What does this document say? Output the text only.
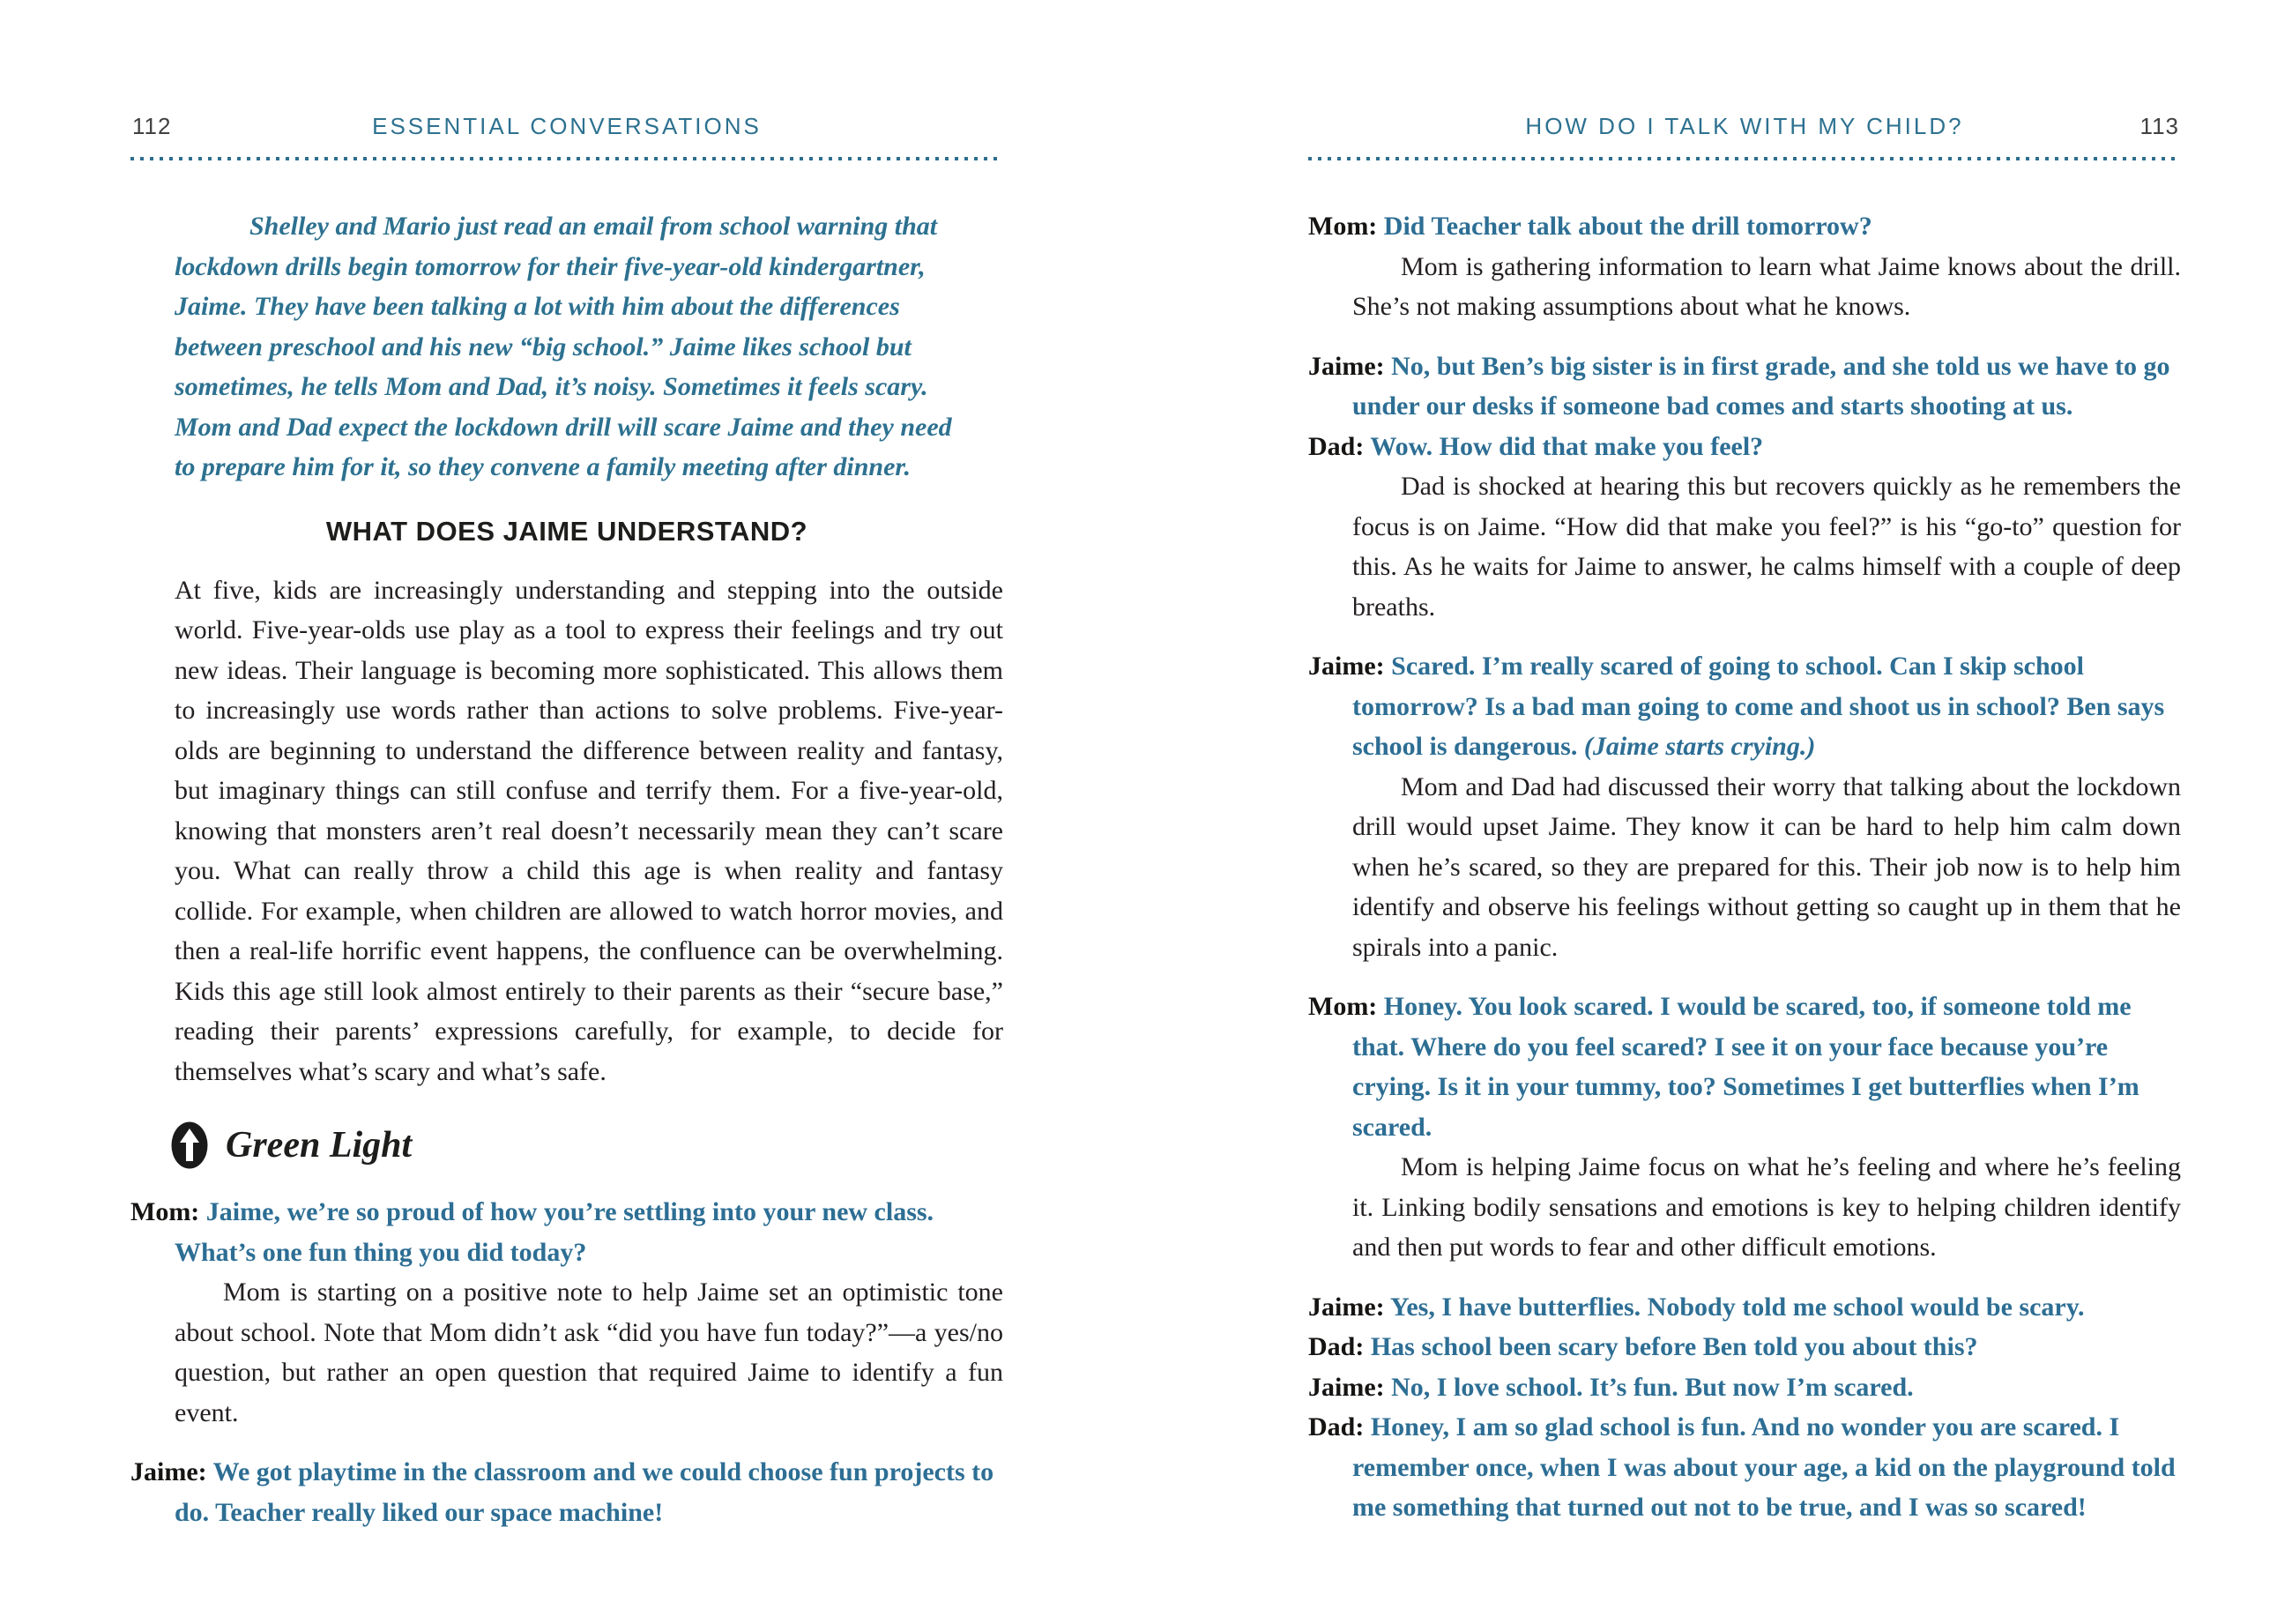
112	ESSENTIAL CONVERSATIONS
Shelley and Mario just read an email from school warning that lockdown drills begin tomorrow for their five-year-old kindergartner, Jaime. They have been talking a lot with him about the differences between preschool and his new “big school.” Jaime likes school but sometimes, he tells Mom and Dad, it’s noisy. Sometimes it feels scary. Mom and Dad expect the lockdown drill will scare Jaime and they need to prepare him for it, so they convene a family meeting after dinner.
WHAT DOES JAIME UNDERSTAND?
At five, kids are increasingly understanding and stepping into the outside world. Five-year-olds use play as a tool to express their feelings and try out new ideas. Their language is becoming more sophisticated. This allows them to increasingly use words rather than actions to solve problems. Five-year-olds are beginning to understand the difference between reality and fantasy, but imaginary things can still confuse and terrify them. For a five-year-old, knowing that monsters aren’t real doesn’t necessarily mean they can’t scare you. What can really throw a child this age is when reality and fantasy collide. For example, when children are allowed to watch horror movies, and then a real-life horrific event happens, the confluence can be overwhelming. Kids this age still look almost entirely to their parents as their “secure base,” reading their parents’ expressions carefully, for example, to decide for themselves what’s scary and what’s safe.
Green Light
Mom: Jaime, we’re so proud of how you’re settling into your new class. What’s one fun thing you did today?
Mom is starting on a positive note to help Jaime set an optimistic tone about school. Note that Mom didn’t ask “did you have fun today?”—a yes/no question, but rather an open question that required Jaime to identify a fun event.
Jaime: We got playtime in the classroom and we could choose fun projects to do. Teacher really liked our space machine!
113
HOW DO I TALK WITH MY CHILD?
Mom: Did Teacher talk about the drill tomorrow?
Mom is gathering information to learn what Jaime knows about the drill. She’s not making assumptions about what he knows.
Jaime: No, but Ben’s big sister is in first grade, and she told us we have to go under our desks if someone bad comes and starts shooting at us.
Dad: Wow. How did that make you feel?
Dad is shocked at hearing this but recovers quickly as he remembers the focus is on Jaime. “How did that make you feel?” is his “go-to” question for this. As he waits for Jaime to answer, he calms himself with a couple of deep breaths.
Jaime: Scared. I’m really scared of going to school. Can I skip school tomorrow? Is a bad man going to come and shoot us in school? Ben says school is dangerous. (Jaime starts crying.)
Mom and Dad had discussed their worry that talking about the lockdown drill would upset Jaime. They know it can be hard to help him calm down when he’s scared, so they are prepared for this. Their job now is to help him identify and observe his feelings without getting so caught up in them that he spirals into a panic.
Mom: Honey. You look scared. I would be scared, too, if someone told me that. Where do you feel scared? I see it on your face because you’re crying. Is it in your tummy, too? Sometimes I get butterflies when I’m scared.
Mom is helping Jaime focus on what he’s feeling and where he’s feeling it. Linking bodily sensations and emotions is key to helping children identify and then put words to fear and other difficult emotions.
Jaime: Yes, I have butterflies. Nobody told me school would be scary.
Dad: Has school been scary before Ben told you about this?
Jaime: No, I love school. It’s fun. But now I’m scared.
Dad: Honey, I am so glad school is fun. And no wonder you are scared. I remember once, when I was about your age, a kid on the playground told me something that turned out not to be true, and I was so scared!
